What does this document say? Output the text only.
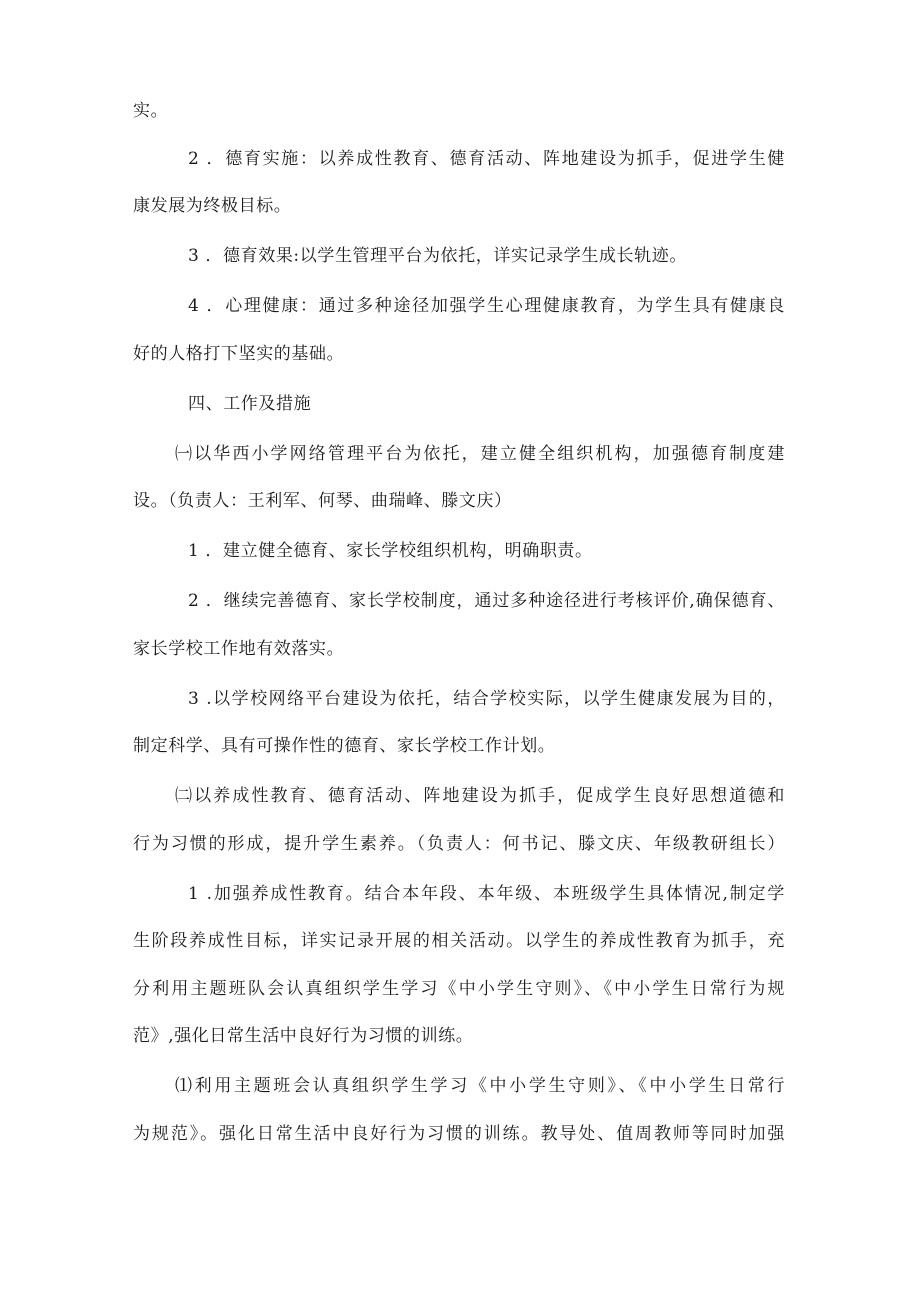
实。
2 ．德育实施：以养成性教育、德育活动、阵地建设为抓手，促进学生健
康发展为终极目标。
3 ．德育效果:以学生管理平台为依托，详实记录学生成长轨迹。
4 ．心理健康：通过多种途径加强学生心理健康教育，为学生具有健康良
好的人格打下坚实的基础。
四、工作及措施
㈠以华西小学网络管理平台为依托，建立健全组织机构，加强德育制度建
设。（负责人：王利军、何琴、曲瑞峰、滕文庆）
1 ．建立健全德育、家长学校组织机构，明确职责。
2 ．继续完善德育、家长学校制度，通过多种途径进行考核评价,确保德育、
家长学校工作地有效落实。
3 .以学校网络平台建设为依托，结合学校实际，以学生健康发展为目的，
制定科学、具有可操作性的德育、家长学校工作计划。
㈡以养成性教育、德育活动、阵地建设为抓手，促成学生良好思想道德和
行为习惯的形成，提升学生素养。（负责人：何书记、滕文庆、年级教研组长）
1 .加强养成性教育。结合本年段、本年级、本班级学生具体情况,制定学
生阶段养成性目标，详实记录开展的相关活动。以学生的养成性教育为抓手，充
分利用主题班队会认真组织学生学习《中小学生守则》、《中小学生日常行为规
范》,强化日常生活中良好行为习惯的训练。
⑴利用主题班会认真组织学生学习《中小学生守则》、《中小学生日常行
为规范》。强化日常生活中良好行为习惯的训练。教导处、值周教师等同时加强
